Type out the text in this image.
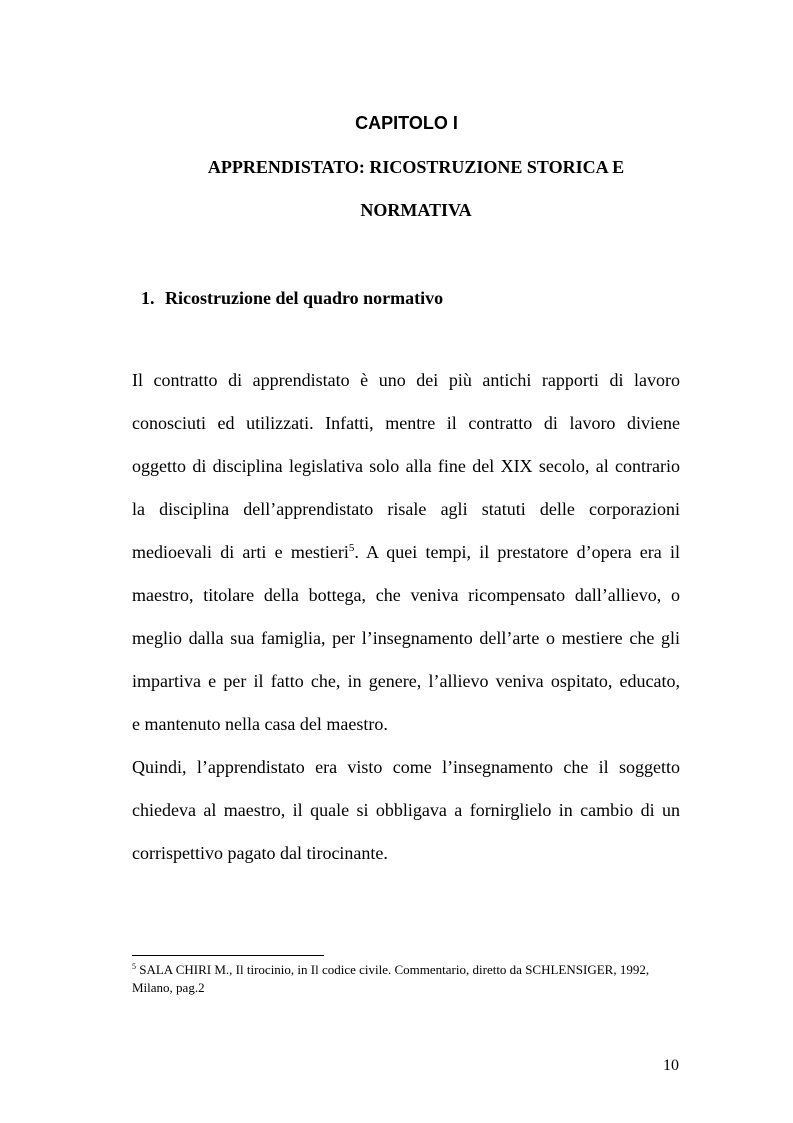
CAPITOLO I
APPRENDISTATO: RICOSTRUZIONE STORICA E
NORMATIVA
1. Ricostruzione del quadro normativo
Il contratto di apprendistato è uno dei più antichi rapporti di lavoro
conosciuti ed utilizzati. Infatti, mentre il contratto di lavoro diviene
oggetto di disciplina legislativa solo alla fine del XIX secolo, al contrario
la disciplina dell’apprendistato risale agli statuti delle corporazioni
medioevali di arti e mestieri$^5$. A quei tempi, il prestatore d’opera era il
maestro, titolare della bottega, che veniva ricompensato dall’allievo, o
meglio dalla sua famiglia, per l’insegnamento dell’arte o mestiere che gli
impartiva e per il fatto che, in genere, l’allievo veniva ospitato, educato,
e mantenuto nella casa del maestro.
Quindi, l’apprendistato era visto come l’insegnamento che il soggetto
chiedeva al maestro, il quale si obbligava a fornirglielo in cambio di un
corrispettivo pagato dal tirocinante.
$^5$ SALA CHIRI M., Il tirocinio, in Il codice civile. Commentario, diretto da SCHLENSIGER, 1992,
Milano, pag.2
10
